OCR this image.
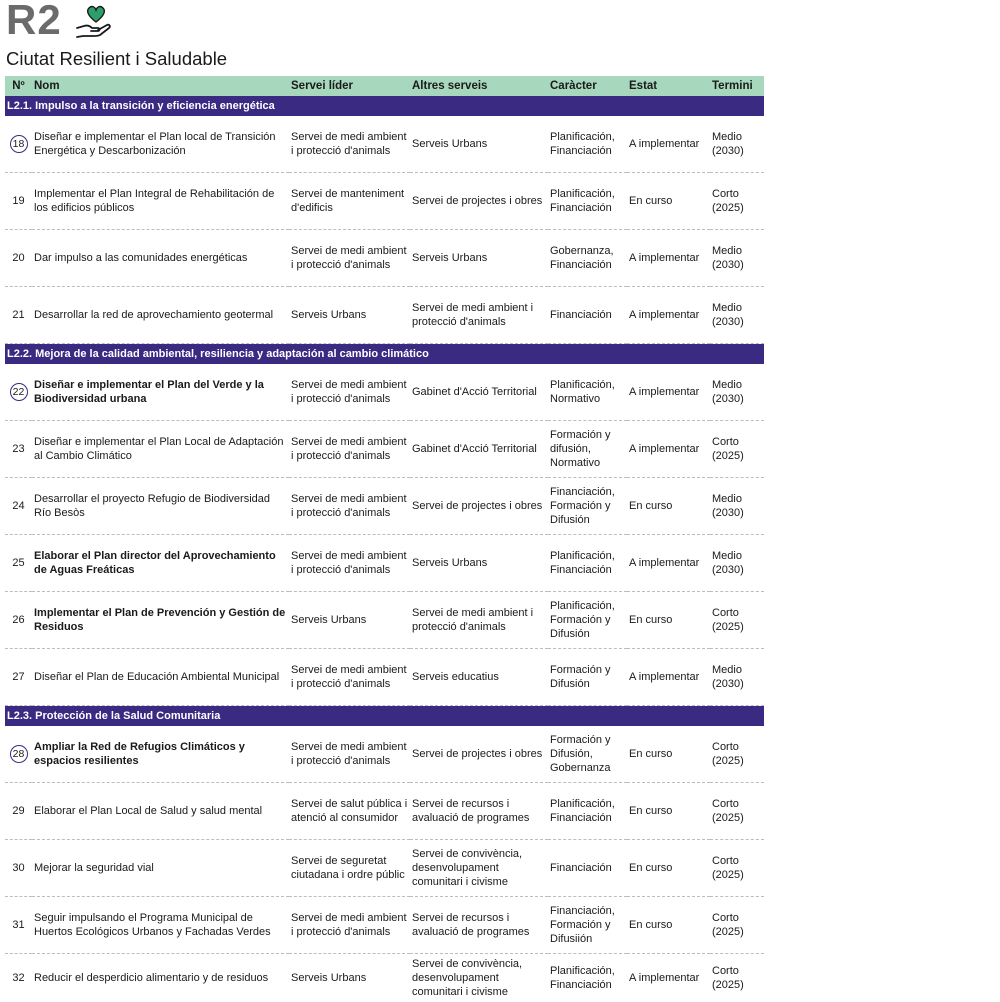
R2
Ciutat Resilient i Saludable
Nº	Nom	Servei líder	Altres serveis	Caràcter	Estat	Termini
L2.1. Impulso a la transición y eficiencia energética						
18	Diseñar e implementar el Plan local de Transición Energética y Descarbonización	Servei de medi ambient i protecció d'animals	Serveis Urbans	Planificación, Financiación	A implementar	Medio (2030)
19	Implementar el Plan Integral de Rehabilitación de los edificios públicos	Servei de manteniment d'edificis	Servei de projectes i obres	Planificación, Financiación	En curso	Corto (2025)
20	Dar impulso a las comunidades energéticas	Servei de medi ambient i protecció d'animals	Serveis Urbans	Gobernanza, Financiación	A implementar	Medio (2030)
21	Desarrollar la red de aprovechamiento geotermal	Serveis Urbans	Servei de medi ambient i protecció d'animals	Financiación	A implementar	Medio (2030)
L2.2. Mejora de la calidad ambiental, resiliencia y adaptación al cambio climático						
22	Diseñar e implementar el Plan del Verde y la Biodiversidad urbana	Servei de medi ambient i protecció d'animals	Gabinet d'Acció Territorial	Planificación, Normativo	A implementar	Medio (2030)
23	Diseñar e implementar el Plan Local de Adaptación al Cambio Climático	Servei de medi ambient i protecció d'animals	Gabinet d'Acció Territorial	Formación y difusión, Normativo	A implementar	Corto (2025)
24	Desarrollar el proyecto Refugio de Biodiversidad Río Besòs	Servei de medi ambient i protecció d'animals	Servei de projectes i obres	Financiación, Formación y Difusión	En curso	Medio (2030)
25	Elaborar el Plan director del Aprovechamiento de Aguas Freáticas	Servei de medi ambient i protecció d'animals	Serveis Urbans	Planificación, Financiación	A implementar	Medio (2030)
26	Implementar el Plan de Prevención y Gestión de Residuos	Serveis Urbans	Servei de medi ambient i protecció d'animals	Planificación, Formación y Difusión	En curso	Corto (2025)
27	Diseñar el Plan de Educación Ambiental Municipal	Servei de medi ambient i protecció d'animals	Serveis educatius	Formación y Difusión	A implementar	Medio (2030)
L2.3. Protección de la Salud Comunitaria						
28	Ampliar la Red de Refugios Climáticos y espacios resilientes	Servei de medi ambient i protecció d'animals	Servei de projectes i obres	Formación y Difusión, Gobernanza	En curso	Corto (2025)
29	Elaborar el Plan Local de Salud y salud mental	Servei de salut pública i atenció al consumidor	Servei de recursos i avaluació de programes	Planificación, Financiación	En curso	Corto (2025)
30	Mejorar la seguridad vial	Servei de seguretat ciutadana i ordre públic	Servei de convivència, desenvolupament comunitari i civisme	Financiación	En curso	Corto (2025)
31	Seguir impulsando el Programa Municipal de Huertos Ecológicos Urbanos y Fachadas Verdes	Servei de medi ambient i protecció d'animals	Servei de recursos i avaluació de programes	Financiación, Formación y Difusiión	En curso	Corto (2025)
32	Reducir el desperdicio alimentario y de residuos	Serveis Urbans	Servei de convivència, desenvolupament comunitari i civisme	Planificación, Financiación	A implementar	Corto (2025)
